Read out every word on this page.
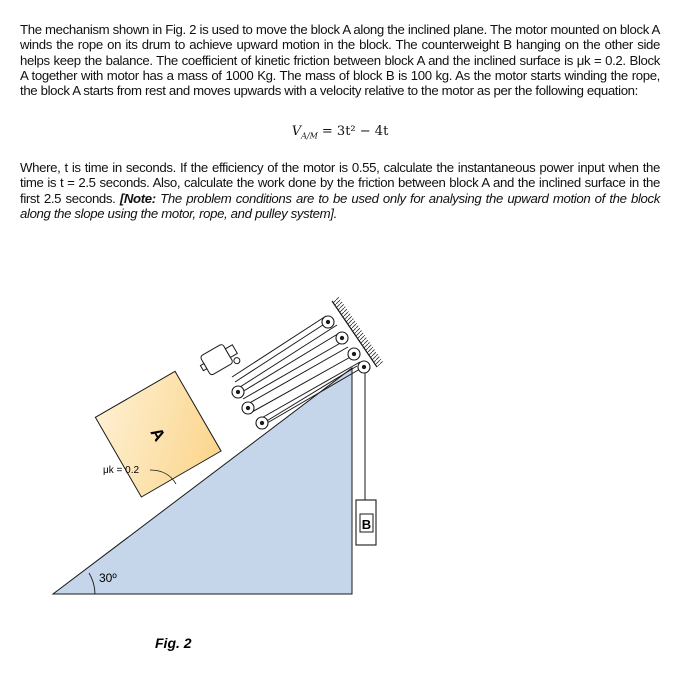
The mechanism shown in Fig. 2 is used to move the block A along the inclined plane. The motor mounted on block A winds the rope on its drum to achieve upward motion in the block. The counterweight B hanging on the other side helps keep the balance. The coefficient of kinetic friction between block A and the inclined surface is μk = 0.2. Block A together with motor has a mass of 1000 Kg. The mass of block B is 100 kg. As the motor starts winding the rope, the block A starts from rest and moves upwards with a velocity relative to the motor as per the following equation:
$V_{A/M} = 3t^2 - 4t$
Where, t is time in seconds. If the efficiency of the motor is 0.55, calculate the instantaneous power input when the time is t = 2.5 seconds. Also, calculate the work done by the friction between block A and the inclined surface in the first 2.5 seconds. [Note: The problem conditions are to be used only for analysing the upward motion of the block along the slope using the motor, rope, and pulley system].
30º
A
μk = 0.2
B
Fig. 2
